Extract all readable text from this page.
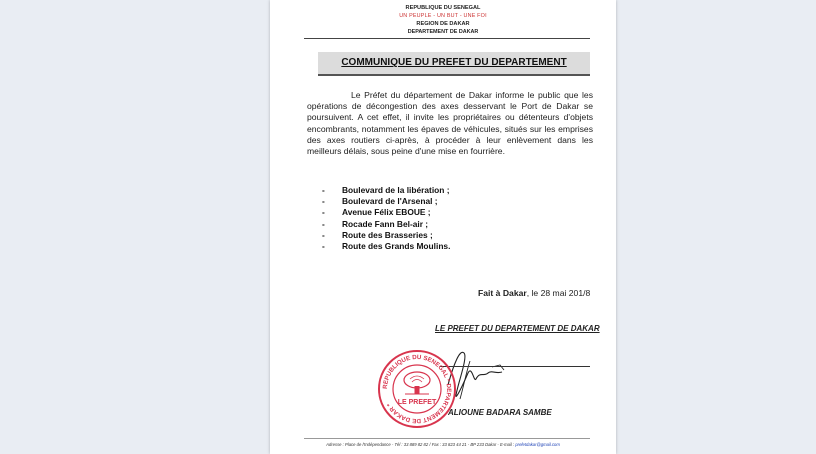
REPUBLIQUE DU SENEGAL
UN PEUPLE - UN BUT - UNE FOI
REGION DE DAKAR
DEPARTEMENT DE DAKAR
COMMUNIQUE DU PREFET DU DEPARTEMENT
Le Préfet du département de Dakar informe le public que les opérations de décongestion des axes desservant le Port de Dakar se poursuivent. A cet effet, il invite les propriétaires ou détenteurs d'objets encombrants, notamment les épaves de véhicules, situés sur les emprises des axes routiers ci-après, à procéder à leur enlèvement dans les meilleurs délais, sous peine d'une mise en fourrière.
- Boulevard de la libération ;
- Boulevard de l'Arsenal ;
- Avenue Félix EBOUE ;
- Rocade Fann Bel-air ;
- Route des Brasseries ;
- Route des Grands Moulins.
Fait à Dakar, le 28 mai 201/8
LE PREFET DU DEPARTEMENT DE DAKAR
REPUBLIQUE DU SENEGAL * DEPARTEMENT DE DAKAR * LE PREFET
ALIOUNE BADARA SAMBE
Adresse : Place de l'Indépendance - Tél : 33 889 82 82 / Fax : 33 823 44 21 - BP 233 Dakar - E-mail : prefetdakar@gmail.com
